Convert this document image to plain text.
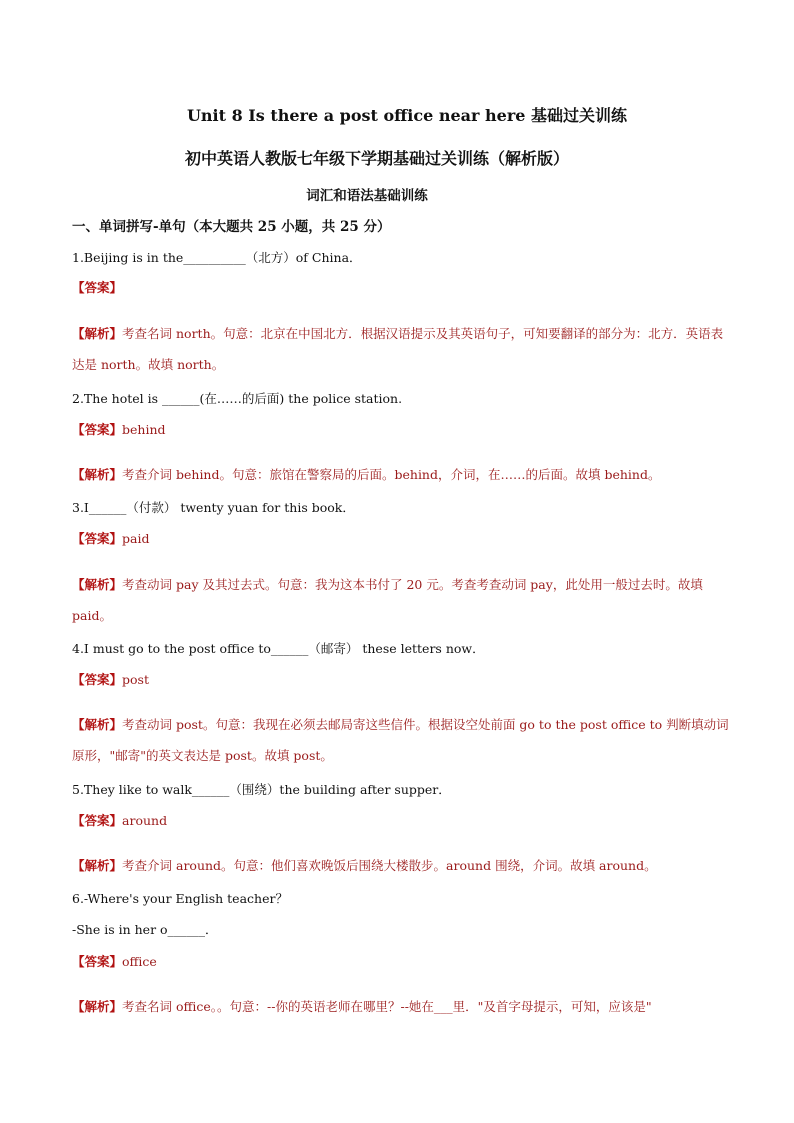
Unit 8 Is there a post office near here 基础过关训练
初中英语人教版七年级下学期基础过关训练（解析版）
词汇和语法基础训练
一、单词拼写-单句（本大题共 25 小题，共 25 分）
1.Beijing is in the__________（北方）of China．
【答案】
【解析】考查名词 north。句意：北京在中国北方．根据汉语提示及其英语句子，可知要翻译的部分为：北方．英语表达是 north。故填 north。
2.The hotel is ______(在……的后面) the police station.
【答案】behind
【解析】考查介词 behind。句意：旅馆在警察局的后面。behind，介词，在……的后面。故填 behind。
3.I______（付款） twenty yuan for this book．
【答案】paid
【解析】考查动词 pay 及其过去式。句意：我为这本书付了 20 元。考查考查动词 pay，此处用一般过去时。故填 paid。
4.I must go to the post office to______（邮寄） these letters now．
【答案】post
【解析】考查动词 post。句意：我现在必须去邮局寄这些信件。根据设空处前面 go to the post office to 判断填动词原形，"邮寄"的英文表达是 post。故填 post。
5.They like to walk______（围绕）the building after supper．
【答案】around
【解析】考查介词 around。句意：他们喜欢晚饭后围绕大楼散步。around 围绕，介词。故填 around。
6.-Where's your English teacher？
-She is in her o______．
【答案】office
【解析】考查名词 office。。句意：--你的英语老师在哪里？--她在___里．"及首字母提示，可知，应该是"
